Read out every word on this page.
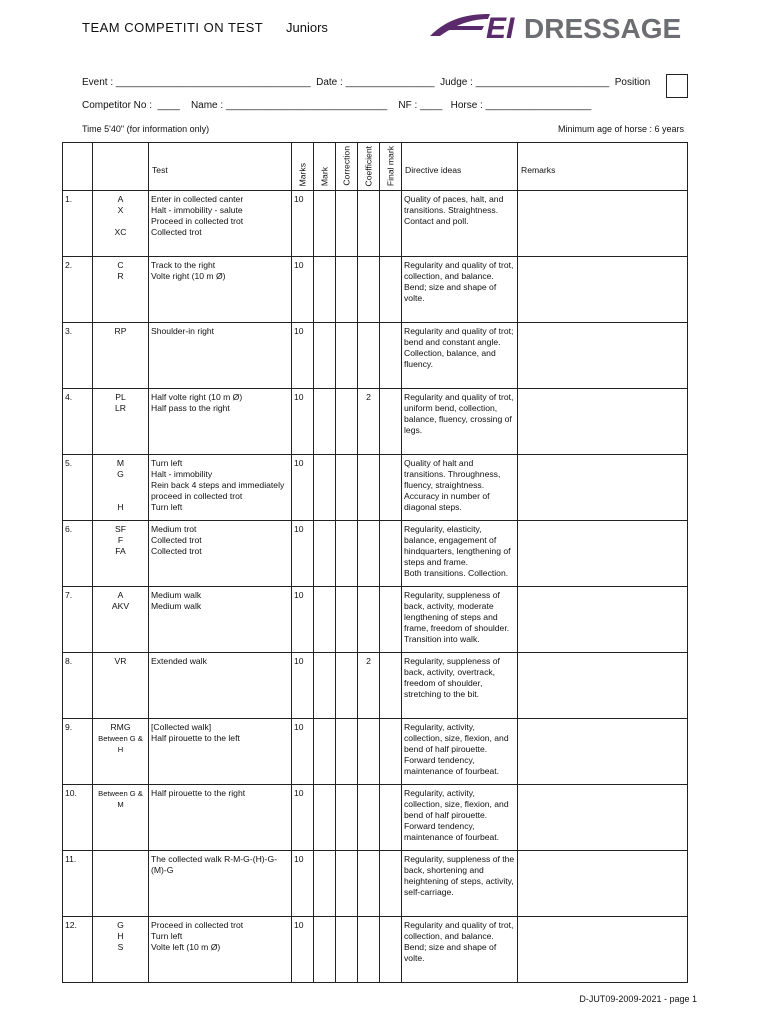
TEAM COMPETITI ON TEST Juniors	EI DRESSAGE
Event : ___________________________________  Date : ________________  Judge : ________________________  Position
Competitor No :  ____    Name : _____________________________    NF : ____   Horse : ___________________
Time 5'40" (for information only)	Minimum age of horse : 6 years

		Test	Marks	Mark	Correction	Coefficient	Final mark	Directive ideas	Remarks

1.	A
X

XC	Enter in collected canter
Halt - immobility - salute
Proceed in collected trot
Collected trot	10					Quality of paces, halt, and transitions. Straightness. Contact and poll.	
2.	C
R	Track to the right
Volte right (10 m Ø)	10					Regularity and quality of trot, collection, and balance. Bend; size and shape of volte.	
3.	RP	Shoulder-in right	10					Regularity and quality of trot; bend and constant angle. Collection, balance, and fluency.	
4.	PL
LR	Half volte right (10 m Ø)
Half pass to the right	10			2		Regularity and quality of trot, uniform bend, collection, balance, fluency, crossing of legs.	
5.	M
G

H	Turn left
Halt - immobility
Rein back 4 steps and immediately proceed in collected trot
Turn left	10					Quality of halt and transitions. Throughness, fluency, straightness. Accuracy in number of diagonal steps.	
6.	SF
F
FA	Medium trot
Collected trot
Collected trot	10					Regularity, elasticity, balance, engagement of hindquarters, lengthening of steps and frame.
Both transitions. Collection.	
7.	A
AKV	Medium walk
Medium walk	10					Regularity, suppleness of back, activity, moderate lengthening of steps and frame, freedom of shoulder. Transition into walk.	
8.	VR	Extended walk	10			2		Regularity, suppleness of back, activity, overtrack, freedom of shoulder, stretching to the bit.	
9.	RMG
Between G & H	[Collected walk]
Half pirouette to the left	10					Regularity, activity, collection, size, flexion, and bend of half pirouette.
Forward tendency, maintenance of fourbeat.	
10.	Between G & M	Half pirouette to the right	10					Regularity, activity, collection, size, flexion, and bend of half pirouette.
Forward tendency, maintenance of fourbeat.	
11.		The collected walk R-M-G-(H)-G-(M)-G	10					Regularity, suppleness of the back, shortening and heightening of steps, activity, self-carriage.	
12.	G
H
S	Proceed in collected trot
Turn left
Volte left (10 m Ø)	10					Regularity and quality of trot, collection, and balance. Bend; size and shape of volte.	
D-JUT09-2009-2021 - page 1
